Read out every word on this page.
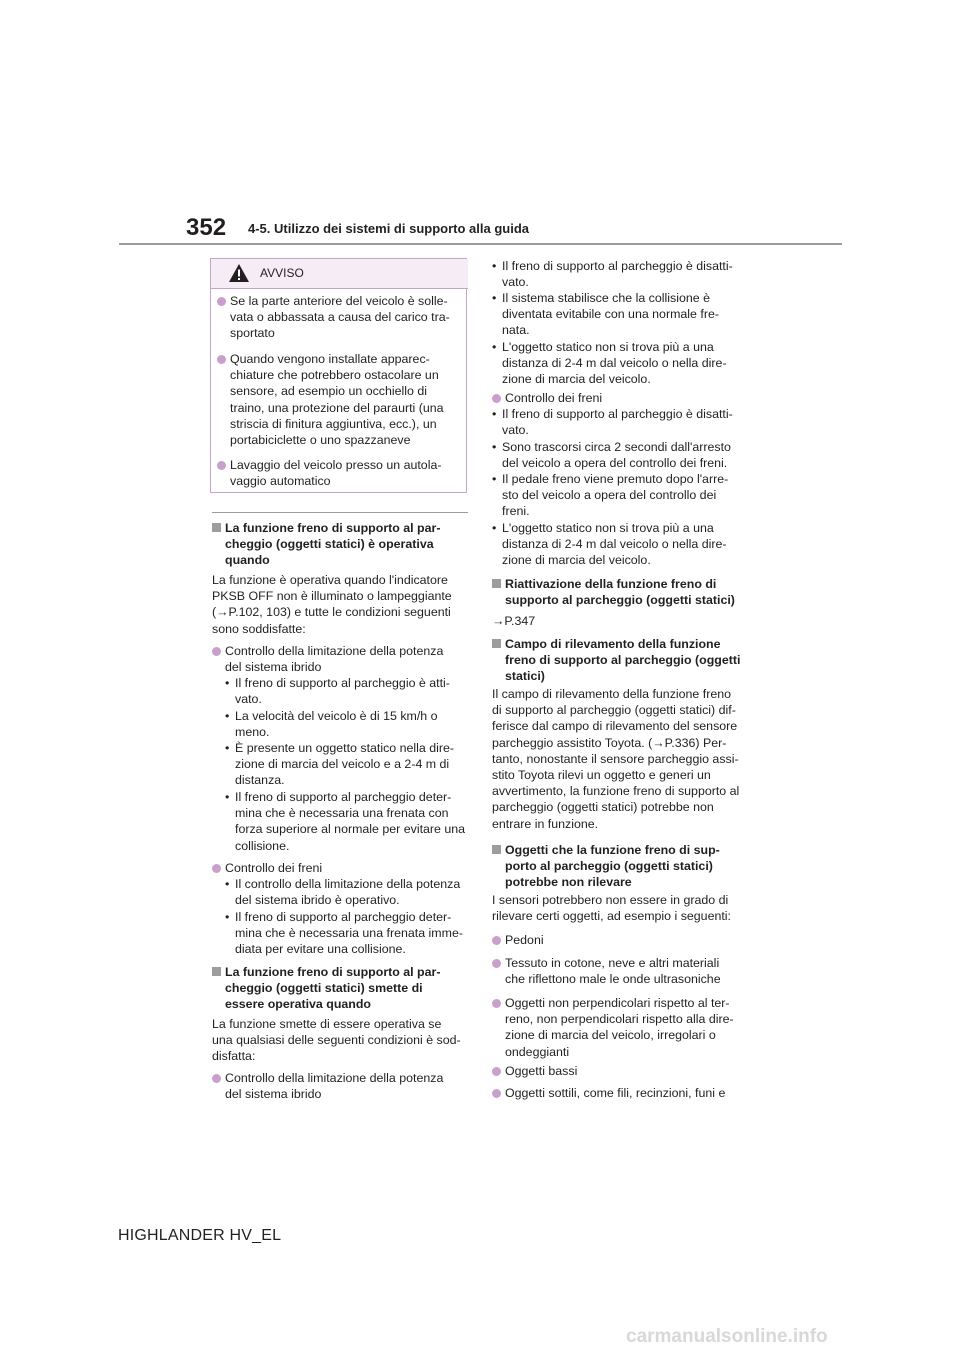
352 4-5. Utilizzo dei sistemi di supporto alla guida
AVVISO
Se la parte anteriore del veicolo è solle-
vata o abbassata a causa del carico tra-
sportato
Quando vengono installate apparec-
chiature che potrebbero ostacolare un
sensore, ad esempio un occhiello di
traino, una protezione del paraurti (una
striscia di finitura aggiuntiva, ecc.), un
portabiciclette o uno spazzaneve
Lavaggio del veicolo presso un autola-
vaggio automatico
La funzione freno di supporto al par-
cheggio (oggetti statici) è operativa
quando

La funzione è operativa quando l'indicatore
PKSB OFF non è illuminato o lampeggiante
(→P.102, 103) e tutte le condizioni seguenti
sono soddisfatte:

Controllo della limitazione della potenza
del sistema ibrido
• Il freno di supporto al parcheggio è atti-
vato.
• La velocità del veicolo è di 15 km/h o
meno.
• È presente un oggetto statico nella dire-
zione di marcia del veicolo e a 2-4 m di
distanza.
• Il freno di supporto al parcheggio deter-
mina che è necessaria una frenata con
forza superiore al normale per evitare una
collisione.
Controllo dei freni
• Il controllo della limitazione della potenza
del sistema ibrido è operativo.
• Il freno di supporto al parcheggio deter-
mina che è necessaria una frenata imme-
diata per evitare una collisione.
La funzione freno di supporto al par-
cheggio (oggetti statici) smette di
essere operativa quando

La funzione smette di essere operativa se
una qualsiasi delle seguenti condizioni è sod-
disfatta:

Controllo della limitazione della potenza
del sistema ibrido
• Il freno di supporto al parcheggio è disatti-
vato.
• Il sistema stabilisce che la collisione è
diventata evitabile con una normale fre-
nata.
• L'oggetto statico non si trova più a una
distanza di 2-4 m dal veicolo o nella dire-
zione di marcia del veicolo.
Controllo dei freni
• Il freno di supporto al parcheggio è disatti-
vato.
• Sono trascorsi circa 2 secondi dall'arresto
del veicolo a opera del controllo dei freni.
• Il pedale freno viene premuto dopo l'arre-
sto del veicolo a opera del controllo dei
freni.
• L'oggetto statico non si trova più a una
distanza di 2-4 m dal veicolo o nella dire-
zione di marcia del veicolo.
Riattivazione della funzione freno di
supporto al parcheggio (oggetti statici)

→P.347

Campo di rilevamento della funzione
freno di supporto al parcheggio (oggetti
statici)

Il campo di rilevamento della funzione freno
di supporto al parcheggio (oggetti statici) dif-
ferisce dal campo di rilevamento del sensore
parcheggio assistito Toyota. (→P.336) Per-
tanto, nonostante il sensore parcheggio assi-
stito Toyota rilevi un oggetto e generi un
avvertimento, la funzione freno di supporto al
parcheggio (oggetti statici) potrebbe non
entrare in funzione.

Oggetti che la funzione freno di sup-
porto al parcheggio (oggetti statici)
potrebbe non rilevare

I sensori potrebbero non essere in grado di
rilevare certi oggetti, ad esempio i seguenti:

Pedoni
Tessuto in cotone, neve e altri materiali
che riflettono male le onde ultrasoniche
Oggetti non perpendicolari rispetto al ter-
reno, non perpendicolari rispetto alla dire-
zione di marcia del veicolo, irregolari o
ondeggianti
Oggetti bassi
Oggetti sottili, come fili, recinzioni, funi e
HIGHLANDER HV_EL
carmanualsonline.info
